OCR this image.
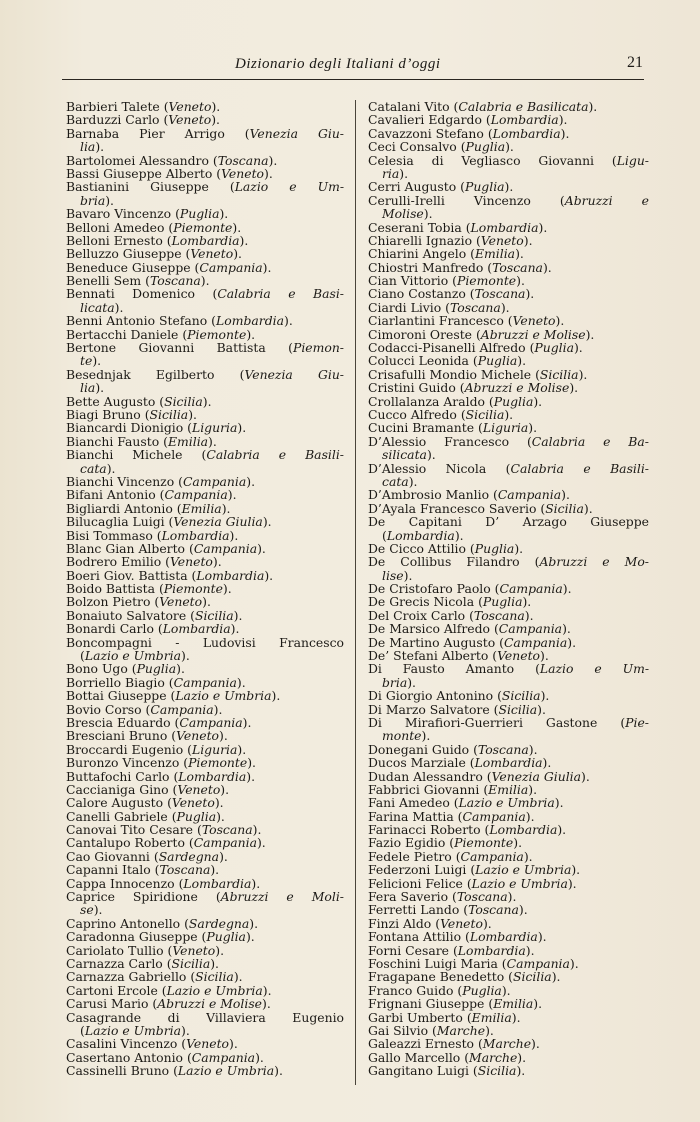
Dizionario degli Italiani d’oggi	21
Barbieri Talete (Veneto).
Barduzzi Carlo (Veneto).
Barnaba Pier Arrigo (Venezia Giu-
lia).
Bartolomei Alessandro (Toscana).
Bassi Giuseppe Alberto (Veneto).
Bastianini Giuseppe (Lazio e Um-
bria).
Bavaro Vincenzo (Puglia).
Belloni Amedeo (Piemonte).
Belloni Ernesto (Lombardia).
Belluzzo Giuseppe (Veneto).
Beneduce Giuseppe (Campania).
Benelli Sem (Toscana).
Bennati Domenico (Calabria e Basi-
licata).
Benni Antonio Stefano (Lombardia).
Bertacchi Daniele (Piemonte).
Bertone Giovanni Battista (Piemon-
te).
Besednjak Egilberto (Venezia Giu-
lia).
Bette Augusto (Sicilia).
Biagi Bruno (Sicilia).
Biancardi Dionigio (Liguria).
Bianchi Fausto (Emilia).
Bianchi Michele (Calabria e Basili-
cata).
Bianchi Vincenzo (Campania).
Bifani Antonio (Campania).
Bigliardi Antonio (Emilia).
Bilucaglia Luigi (Venezia Giulia).
Bisi Tommaso (Lombardia).
Blanc Gian Alberto (Campania).
Bodrero Emilio (Veneto).
Boeri Giov. Battista (Lombardia).
Boido Battista (Piemonte).
Bolzon Pietro (Veneto).
Bonaiuto Salvatore (Sicilia).
Bonardi Carlo (Lombardia).
Boncompagni - Ludovisi Francesco
(Lazio e Umbria).
Bono Ugo (Puglia).
Borriello Biagio (Campania).
Bottai Giuseppe (Lazio e Umbria).
Bovio Corso (Campania).
Brescia Eduardo (Campania).
Bresciani Bruno (Veneto).
Broccardi Eugenio (Liguria).
Buronzo Vincenzo (Piemonte).
Buttafochi Carlo (Lombardia).
Caccianiga Gino (Veneto).
Calore Augusto (Veneto).
Canelli Gabriele (Puglia).
Canovai Tito Cesare (Toscana).
Cantalupo Roberto (Campania).
Cao Giovanni (Sardegna).
Capanni Italo (Toscana).
Cappa Innocenzo (Lombardia).
Caprice Spiridione (Abruzzi e Moli-
se).
Caprino Antonello (Sardegna).
Caradonna Giuseppe (Puglia).
Cariolato Tullio (Veneto).
Carnazza Carlo (Sicilia).
Carnazza Gabriello (Sicilia).
Cartoni Ercole (Lazio e Umbria).
Carusi Mario (Abruzzi e Molise).
Casagrande di Villaviera Eugenio
(Lazio e Umbria).
Casalini Vincenzo (Veneto).
Casertano Antonio (Campania).
Cassinelli Bruno (Lazio e Umbria).
Catalani Vito (Calabria e Basilicata).
Cavalieri Edgardo (Lombardia).
Cavazzoni Stefano (Lombardia).
Ceci Consalvo (Puglia).
Celesia di Vegliasco Giovanni (Ligu-
ria).
Cerri Augusto (Puglia).
Cerulli-Irelli Vincenzo (Abruzzi e
Molise).
Ceserani Tobia (Lombardia).
Chiarelli Ignazio (Veneto).
Chiarini Angelo (Emilia).
Chiostri Manfredo (Toscana).
Cian Vittorio (Piemonte).
Ciano Costanzo (Toscana).
Ciardi Livio (Toscana).
Ciarlantini Francesco (Veneto).
Cimoroni Oreste (Abruzzi e Molise).
Codacci-Pisanelli Alfredo (Puglia).
Colucci Leonida (Puglia).
Crisafulli Mondio Michele (Sicilia).
Cristini Guido (Abruzzi e Molise).
Crollalanza Araldo (Puglia).
Cucco Alfredo (Sicilia).
Cucini Bramante (Liguria).
D’Alessio Francesco (Calabria e Ba-
silicata).
D’Alessio Nicola (Calabria e Basili-
cata).
D’Ambrosio Manlio (Campania).
D’Ayala Francesco Saverio (Sicilia).
De Capitani D’ Arzago Giuseppe
(Lombardia).
De Cicco Attilio (Puglia).
De Collibus Filandro (Abruzzi e Mo-
lise).
De Cristofaro Paolo (Campania).
De Grecis Nicola (Puglia).
Del Croix Carlo (Toscana).
De Marsico Alfredo (Campania).
De Martino Augusto (Campania).
De’ Stefani Alberto (Veneto).
Di Fausto Amanto (Lazio e Um-
bria).
Di Giorgio Antonino (Sicilia).
Di Marzo Salvatore (Sicilia).
Di Mirafiori-Guerrieri Gastone (Pie-
monte).
Donegani Guido (Toscana).
Ducos Marziale (Lombardia).
Dudan Alessandro (Venezia Giulia).
Fabbrici Giovanni (Emilia).
Fani Amedeo (Lazio e Umbria).
Farina Mattia (Campania).
Farinacci Roberto (Lombardia).
Fazio Egidio (Piemonte).
Fedele Pietro (Campania).
Federzoni Luigi (Lazio e Umbria).
Felicioni Felice (Lazio e Umbria).
Fera Saverio (Toscana).
Ferretti Lando (Toscana).
Finzi Aldo (Veneto).
Fontana Attilio (Lombardia).
Forni Cesare (Lombardia).
Foschini Luigi Maria (Campania).
Fragapane Benedetto (Sicilia).
Franco Guido (Puglia).
Frignani Giuseppe (Emilia).
Garbi Umberto (Emilia).
Gai Silvio (Marche).
Galeazzi Ernesto (Marche).
Gallo Marcello (Marche).
Gangitano Luigi (Sicilia).
